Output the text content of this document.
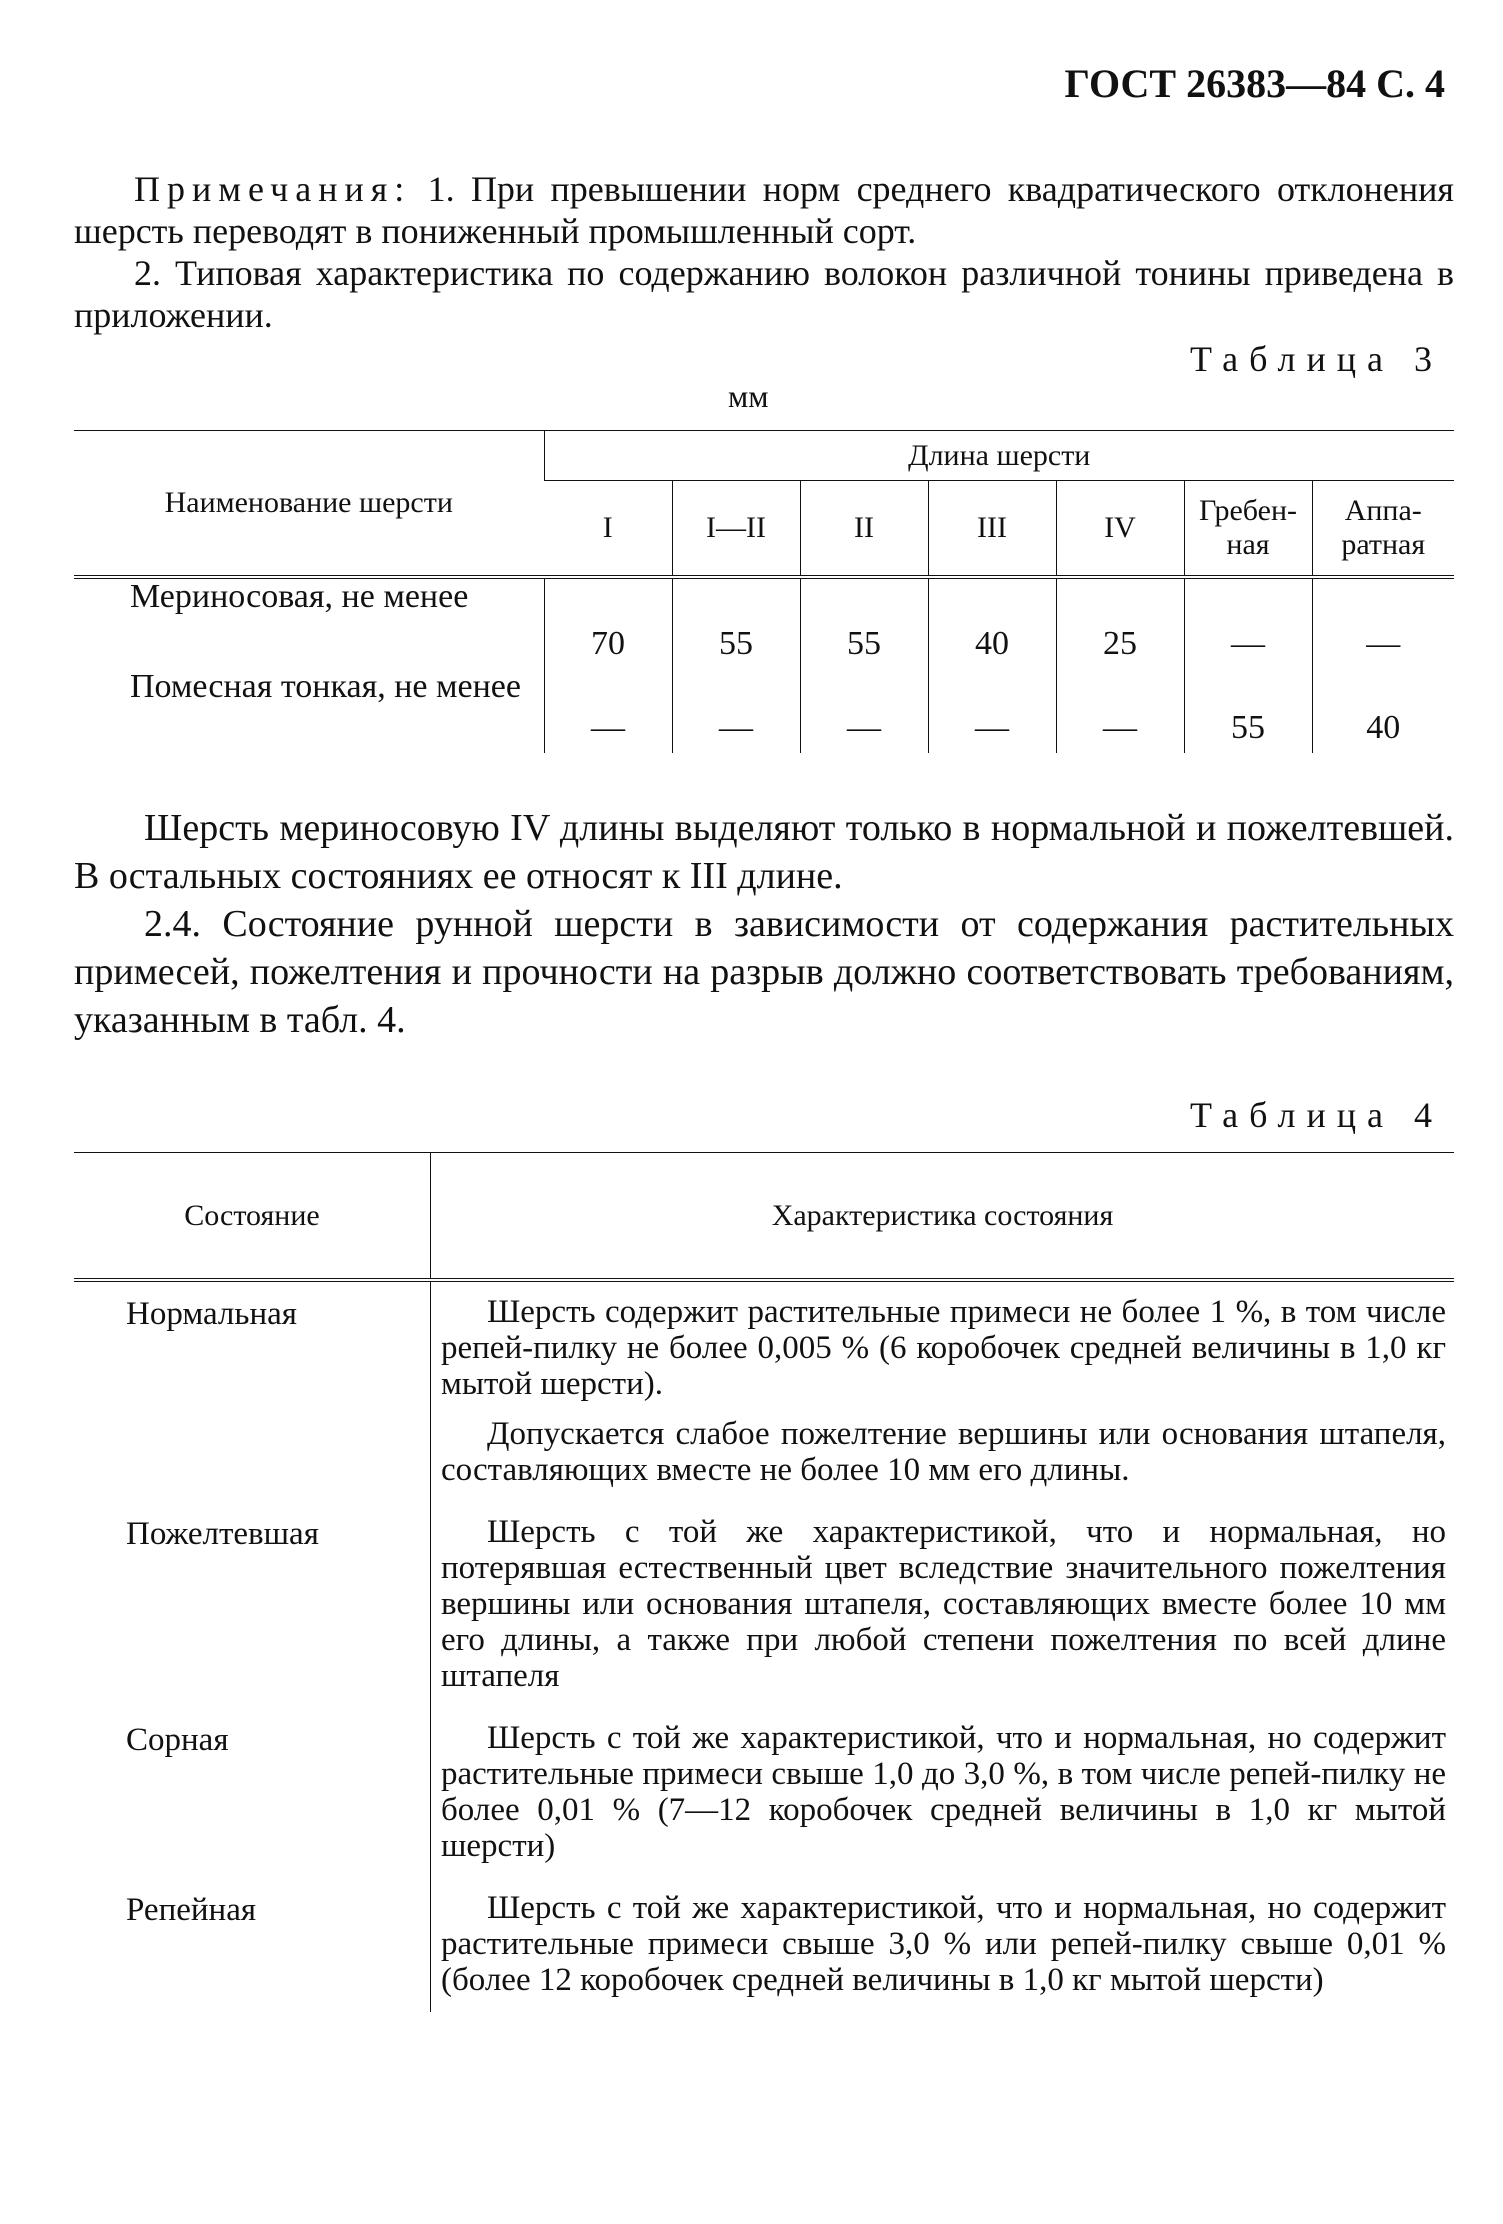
ГОСТ 26383—84 С. 4

Примечания: 1. При превышении норм среднего квадратического отклонения шерсть переводят в пониженный промышленный сорт.

2. Типовая характеристика по содержанию волокон различной тонины приведена в приложении.

Таблица 3
мм
Наименование шерсти	Длина шерсти						
	I	I—II	II	III	IV	Гребен-ная	Аппа-ратная
Мериносовая, не менее	70	55	55	40	25	—	—
Помесная тонкая, не менее	—	—	—	—	—	55	40

Шерсть мериносовую IV длины выделяют только в нормальной и пожелтевшей. В остальных состояниях ее относят к III длине.

2.4. Состояние рунной шерсти в зависимости от содержания растительных примесей, пожелтения и прочности на разрыв должно соответствовать требованиям, указанным в табл. 4.

Таблица 4
Состояние	Характеристика состояния
Нормальная	Шерсть содержит растительные примеси не более 1 %, в том числе репей-пилку не более 0,005 % (6 коробочек средней величины в 1,0 кг мытой шерсти).

Допускается слабое пожелтение вершины или основания штапеля, составляющих вместе не более 10 мм его длины.

Пожелтевшая	Шерсть с той же характеристикой, что и нормальная, но потерявшая естественный цвет вследствие значительного пожелтения вершины или основания штапеля, составляющих вместе более 10 мм его длины, а также при любой степени пожелтения по всей длине штапеля

Сорная	Шерсть с той же характеристикой, что и нормальная, но содержит растительные примеси свыше 1,0 до 3,0 %, в том числе репей-пилку не более 0,01 % (7—12 коробочек средней величины в 1,0 кг мытой шерсти)

Репейная	Шерсть с той же характеристикой, что и нормальная, но содержит растительные примеси свыше 3,0 % или репей-пилку свыше 0,01 % (более 12 коробочек средней величины в 1,0 кг мытой шерсти)
